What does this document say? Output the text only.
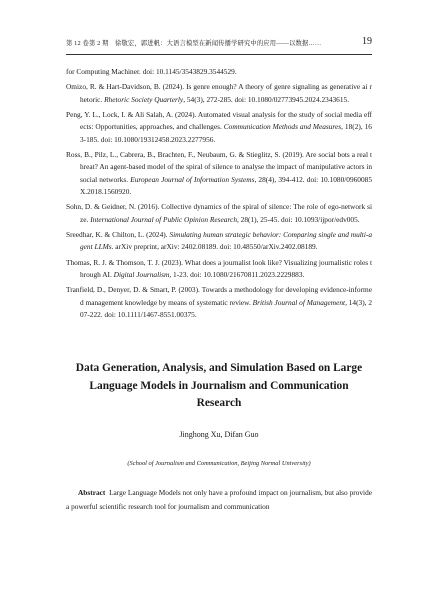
第 12 卷第 2 期　徐敬宏，郭进帆：大语言模型在新闻传播学研究中的应用——以数据……	19

for Computing Machiner. doi: 10.1145/3543829.3544529.

Omizo, R. & Hart-Davidson, B. (2024). Is genre enough? A theory of genre signaling as generative ai rhetoric. Rhetoric Society Quarterly, 54(3), 272-285. doi: 10.1080/02773945.2024.2343615.

Peng, Y. L., Lock, I. & Ali Salah, A. (2024). Automated visual analysis for the study of social media effects: Opportunities, approaches, and challenges. Communication Methods and Measures, 18(2), 163-185. doi: 10.1080/19312458.2023.2277956.

Ross, B., Pilz, L., Cabrera, B., Brachten, F., Neubaum, G. & Stieglitz, S. (2019). Are social bots a real threat? An agent-based model of the spiral of silence to analyse the impact of manipulative actors in social networks. European Journal of Information Systems, 28(4), 394-412. doi: 10.1080/0960085X.2018.1560920.

Sohn, D. & Geidner, N. (2016). Collective dynamics of the spiral of silence: The role of ego-network size. International Journal of Public Opinion Research, 28(1), 25-45. doi: 10.1093/ijpor/edv005.

Sreedhar, K. & Chilton, L. (2024). Simulating human strategic behavior: Comparing single and multi-agent LLMs. arXiv preprint, arXiv: 2402.08189. doi: 10.48550/arXiv.2402.08189.

Thomas, R. J. & Thomson, T. J. (2023). What does a journalist look like? Visualizing journalistic roles through AI. Digital Journalism, 1-23. doi: 10.1080/21670811.2023.2229883.

Tranfield, D., Denyer, D. & Smart, P. (2003). Towards a methodology for developing evidence-informed management knowledge by means of systematic review. British Journal of Management, 14(3), 207-222. doi: 10.1111/1467-8551.00375.

Data Generation, Analysis, and Simulation Based on Large Language Models in Journalism and Communication Research
Jinghong Xu, Difan Guo
(School of Journalism and Communication, Beijing Normal University)

Abstract Large Language Models not only have a profound impact on journalism, but also provide a powerful scientific research tool for journalism and communication
